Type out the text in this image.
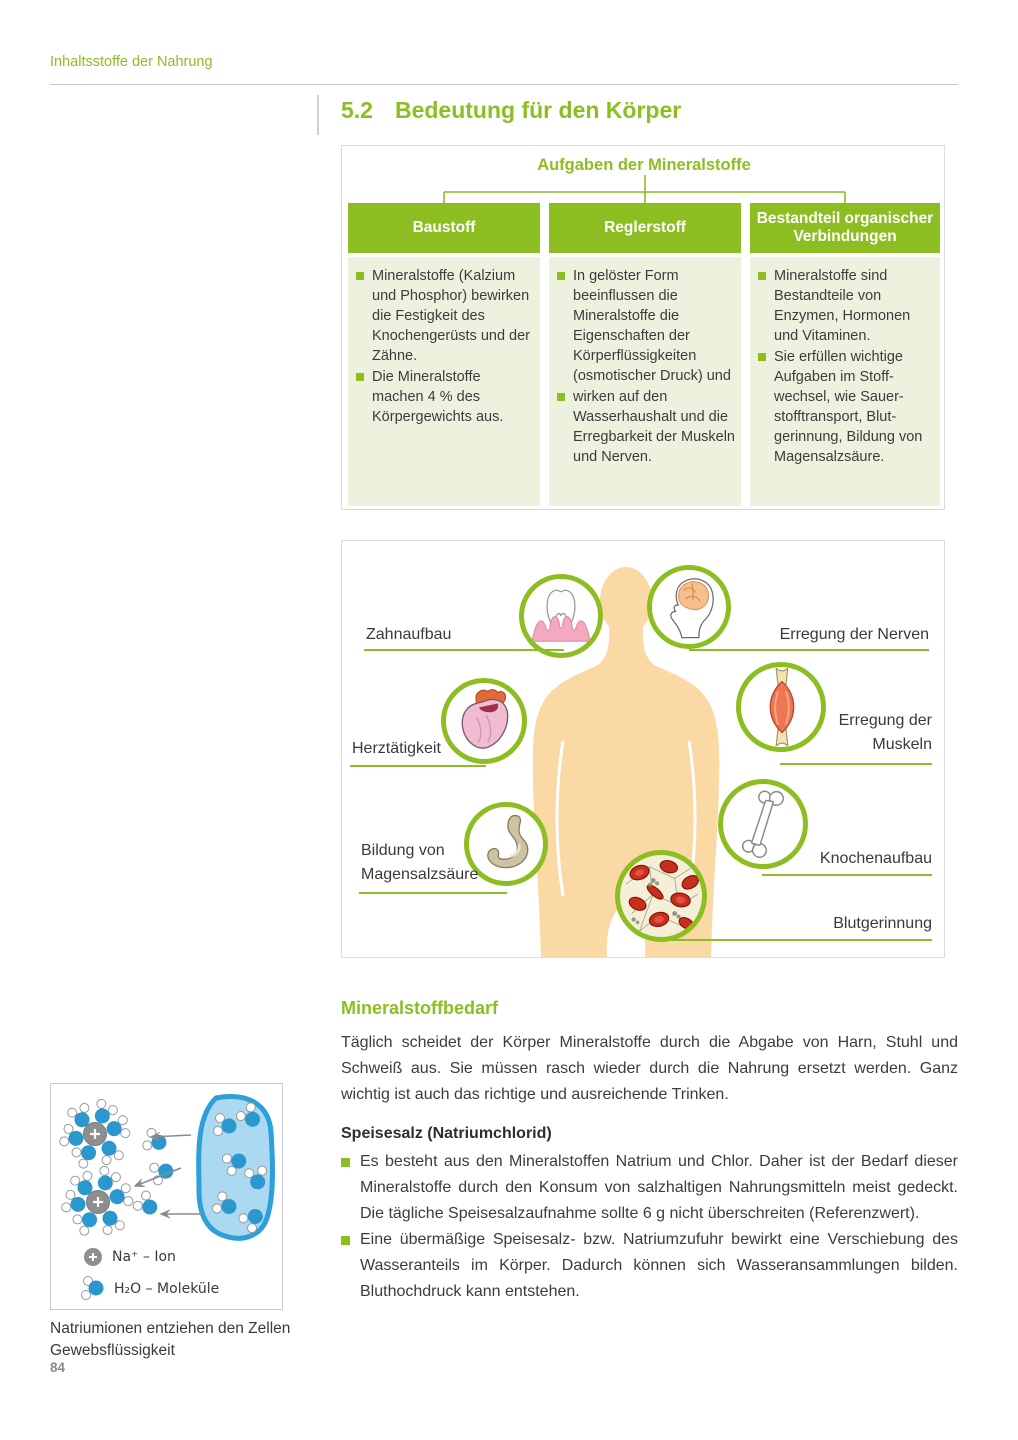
Inhaltsstoffe der Nahrung
5.2 Bedeutung für den Körper
Aufgaben der Mineralstoffe
Baustoff	Reglerstoff
Bestandteil organischer Verbindungen

Mineralstoffe (Kalzium und Phosphor) bewirken die Festigkeit des Knochengerüsts und der Zähne.

Die Mineralstoffe machen 4 % des Körpergewichts aus.

In gelöster Form beeinflussen die Mineralstoffe die Eigenschaften der Körperflüssigkeiten (osmotischer Druck) und

wirken auf den Wasserhaushalt und die Erregbarkeit der Muskeln und Nerven.

Mineralstoffe sind Bestandteile von Enzymen, Hormonen und Vitaminen.

Sie erfüllen wichtige Aufgaben im Stoffwechsel, wie Sauerstofftransport, Blutgerinnung, Bildung von Magensalzsäure.

Zahnaufbau	Erregung der Nerven
Herztätigkeit
Erregung der Muskeln
Bildung von Magensalzsäure
Knochenaufbau
Blutgerinnung
Mineralstoffbedarf

Täglich scheidet der Körper Mineralstoffe durch die Abgabe von Harn, Stuhl und Schweiß aus. Sie müssen rasch wieder durch die Nahrung ersetzt werden. Ganz wichtig ist auch das richtige und ausreichende Trinken.

Speisesalz (Natriumchlorid)

Es besteht aus den Mineralstoffen Natrium und Chlor. Daher ist der Bedarf dieser Mineralstoffe durch den Konsum von salzhaltigen Nahrungsmitteln meist gedeckt. Die tägliche Speisesalzaufnahme sollte 6 g nicht überschreiten (Referenzwert).

Eine übermäßige Speisesalz- bzw. Natriumzufuhr bewirkt eine Verschiebung des Wasseranteils im Körper. Dadurch können sich Wasseransammlungen bilden. Bluthochdruck kann entstehen.

Na⁺ – Ion
H₂O – Moleküle
Natriumionen entziehen den Zellen Gewebsflüssigkeit
84
